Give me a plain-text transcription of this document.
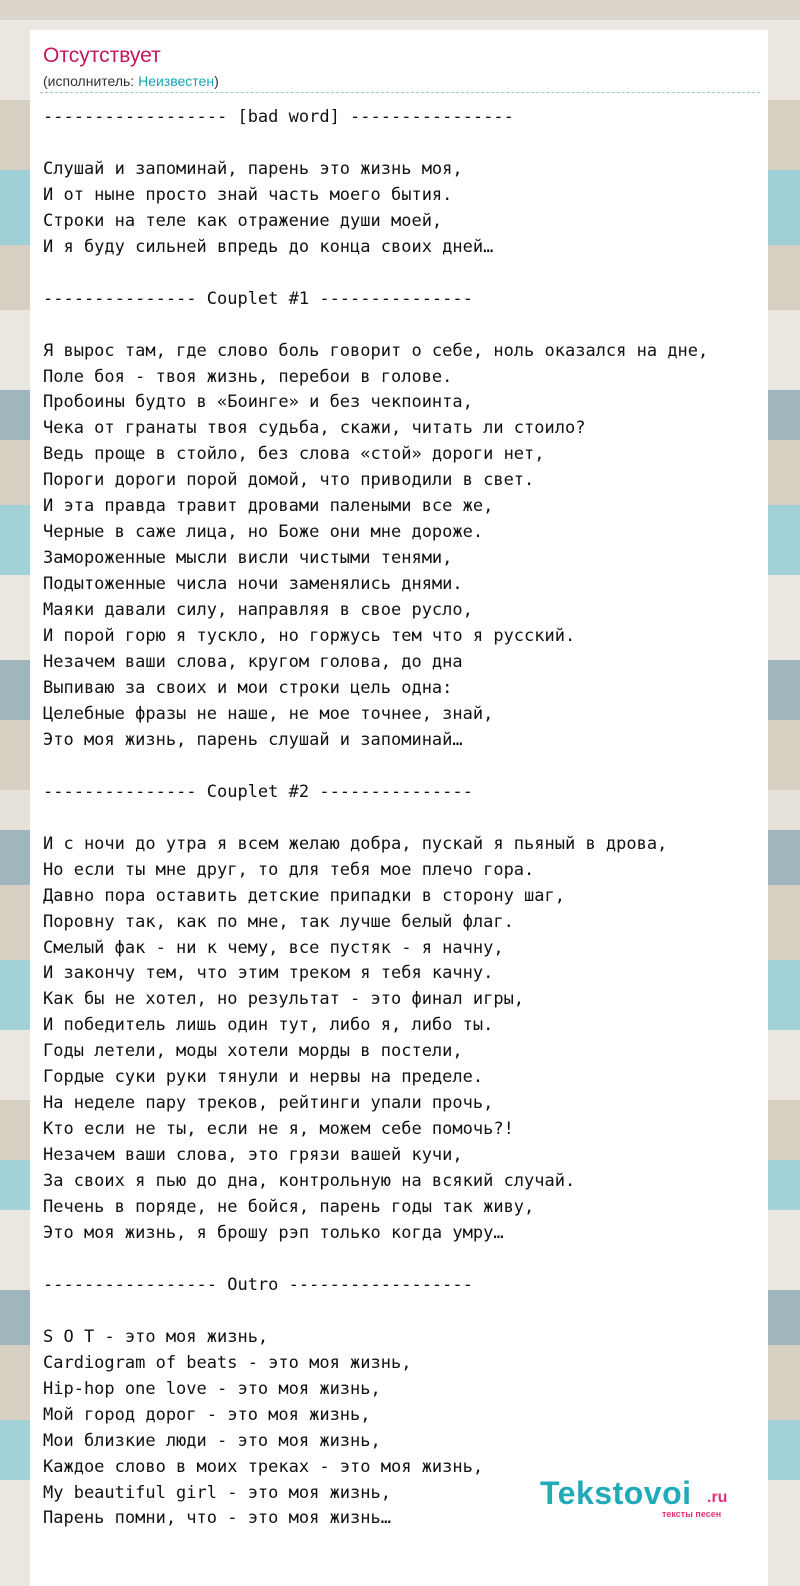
Отсутствует
(исполнитель: Неизвестен)
------------------ [bad word] ----------------

Слушай и запоминай, парень это жизнь моя,
И от ныне просто знай часть моего бытия.
Строки на теле как отражение души моей,
И я буду сильней впредь до конца своих дней…

--------------- Couplet #1 ---------------

Я вырос там, где слово боль говорит о себе, ноль оказался на дне,
Поле боя - твоя жизнь, перебои в голове.
Пробоины будто в «Боинге» и без чекпоинта,
Чека от гранаты твоя судьба, скажи, читать ли стоило?
Ведь проще в стойло, без слова «стой» дороги нет,
Пороги дороги порой домой, что приводили в свет.
И эта правда травит дровами палеными все же,
Черные в саже лица, но Боже они мне дороже.
Замороженные мысли висли чистыми тенями,
Подытоженные числа ночи заменялись днями.
Маяки давали силу, направляя в свое русло,
И порой горю я тускло, но горжусь тем что я русский.
Незачем ваши слова, кругом голова, до дна
Выпиваю за своих и мои строки цель одна:
Целебные фразы не наше, не мое точнее, знай,
Это моя жизнь, парень слушай и запоминай…

--------------- Couplet #2 ---------------

И с ночи до утра я всем желаю добра, пускай я пьяный в дрова,
Но если ты мне друг, то для тебя мое плечо гора.
Давно пора оставить детские припадки в сторону шаг,
Поровну так, как по мне, так лучше белый флаг.
Смелый фак - ни к чему, все пустяк - я начну,
И закончу тем, что этим треком я тебя качну.
Как бы не хотел, но результат - это финал игры,
И победитель лишь один тут, либо я, либо ты.
Годы летели, моды хотели морды в постели,
Гордые суки руки тянули и нервы на пределе.
На неделе пару треков, рейтинги упали прочь,
Кто если не ты, если не я, можем себе помочь?!
Незачем ваши слова, это грязи вашей кучи,
За своих я пью до дна, контрольную на всякий случай.
Печень в поряде, не бойся, парень годы так живу,
Это моя жизнь, я брошу рэп только когда умру…

----------------- Outro ------------------

S O T - это моя жизнь,
Cardiogram of beats - это моя жизнь,
Hip-hop one love - это моя жизнь,
Мой город дорог - это моя жизнь,
Мои близкие люди - это моя жизнь,
Каждое слово в моих треках - это моя жизнь,
My beautiful girl - это моя жизнь,
Парень помни, что - это моя жизнь…
Tekstovoi .ru
тексты песен
